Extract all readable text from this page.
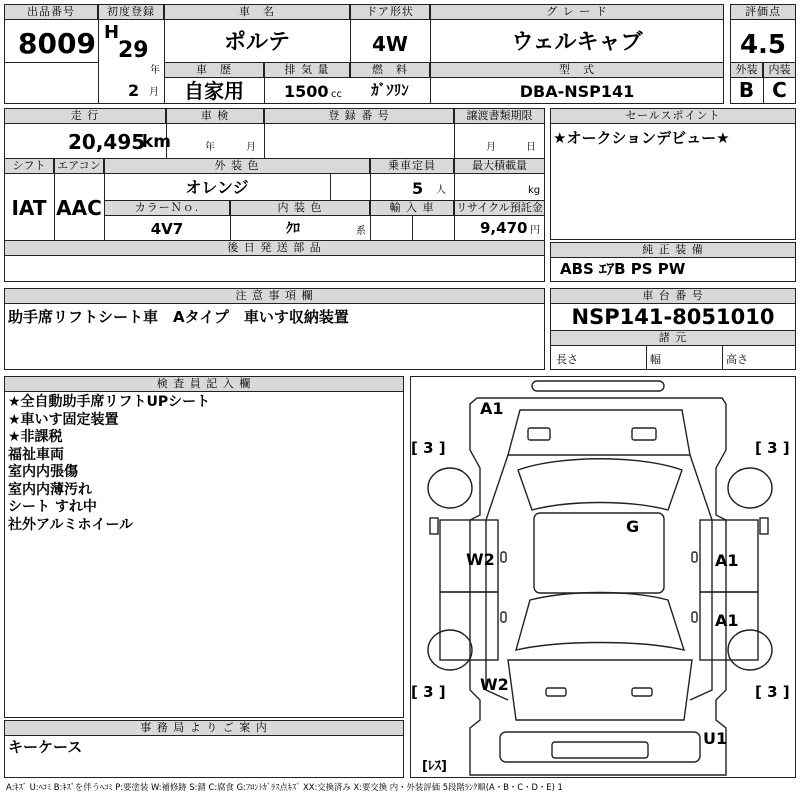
出品番号
8009
初度登録
H
29
年
2 月
車　名
ポルテ
ドア形状
4W
グ レ ー ド
ウェルキャブ
車　歴
自家用
排 気 量
1500 cc
燃　料
ｶﾞｿﾘﾝ
型　式
DBA-NSP141
評価点
4.5
外装	内装
B C
走 行
20,495
km
車 検
年	月
登 録 番 号	譲渡書類期限
月	日
シフト	エアコン
IAT AAC
外 装 色
オレンジ
乗車定員
5 人
最大積載量
kg
カラーＮｏ.
4V7
内 装 色
ｸﾛ	系
輸 入 車	リサイクル預託金
9,470 円
後 日 発 送 部 品
セールスポイント
★オークションデビュー★
純 正 装 備
ABS ｴｱB PS PW
注 意 事 項 欄
助手席リフトシート車　Aタイプ　車いす収納装置
車 台 番 号
NSP141-8051010
諸 元
長さ	幅	高さ
検 査 員 記 入 欄
★全自動助手席リフトUPシート
★車いす固定装置
★非課税
福祉車両
室内内張傷
室内内薄汚れ
シート すれ中
社外アルミホイール
事 務 局 よ り ご 案 内
キーケース
A1
G
W2	A1
A1
W2
U1
[ 3 ]	[ 3 ]
[ 3 ]	[ 3 ]
[ﾚｽ]
A:ｷｽﾞ U:ﾍｺﾐ B:ｷｽﾞを伴うﾍｺﾐ P:要塗装 W:補修跡 S:錆 C:腐食 G:ﾌﾛﾝﾄｶﾞﾗｽ点ｷｽﾞ XX:交換済み X:要交換 内・外装評価 5段階ﾗﾝｸ順(A・B・C・D・E) 1
